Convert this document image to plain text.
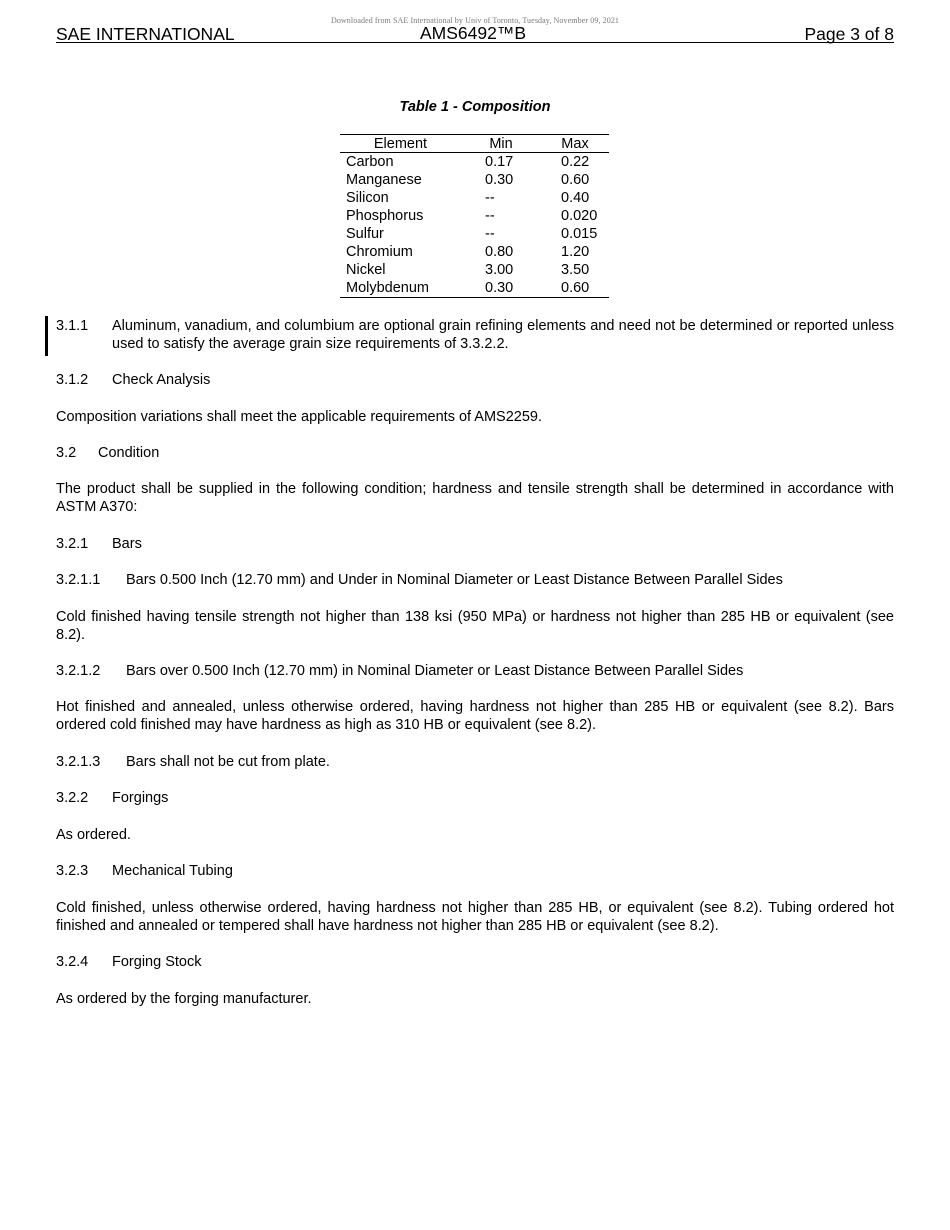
Downloaded from SAE International by Univ of Toronto, Tuesday, November 09, 2021
SAE INTERNATIONAL	AMS6492™B	Page 3 of 8
Table 1 - Composition
Element	Min	Max
Carbon	0.17	0.22
Manganese	0.30	0.60
Silicon	--	0.40
Phosphorus	--	0.020
Sulfur	--	0.015
Chromium	0.80	1.20
Nickel	3.00	3.50
Molybdenum	0.30	0.60
3.1.1 Aluminum, vanadium, and columbium are optional grain refining elements and need not be determined or reported unless used to satisfy the average grain size requirements of 3.3.2.2.
3.1.2 Check Analysis
Composition variations shall meet the applicable requirements of AMS2259.
3.2 Condition
The product shall be supplied in the following condition; hardness and tensile strength shall be determined in accordance with ASTM A370:
3.2.1 Bars
3.2.1.1 Bars 0.500 Inch (12.70 mm) and Under in Nominal Diameter or Least Distance Between Parallel Sides
Cold finished having tensile strength not higher than 138 ksi (950 MPa) or hardness not higher than 285 HB or equivalent (see 8.2).
3.2.1.2 Bars over 0.500 Inch (12.70 mm) in Nominal Diameter or Least Distance Between Parallel Sides
Hot finished and annealed, unless otherwise ordered, having hardness not higher than 285 HB or equivalent (see 8.2). Bars ordered cold finished may have hardness as high as 310 HB or equivalent (see 8.2).
3.2.1.3 Bars shall not be cut from plate.
3.2.2 Forgings
As ordered.
3.2.3 Mechanical Tubing
Cold finished, unless otherwise ordered, having hardness not higher than 285 HB, or equivalent (see 8.2). Tubing ordered hot finished and annealed or tempered shall have hardness not higher than 285 HB or equivalent (see 8.2).
3.2.4 Forging Stock
As ordered by the forging manufacturer.
